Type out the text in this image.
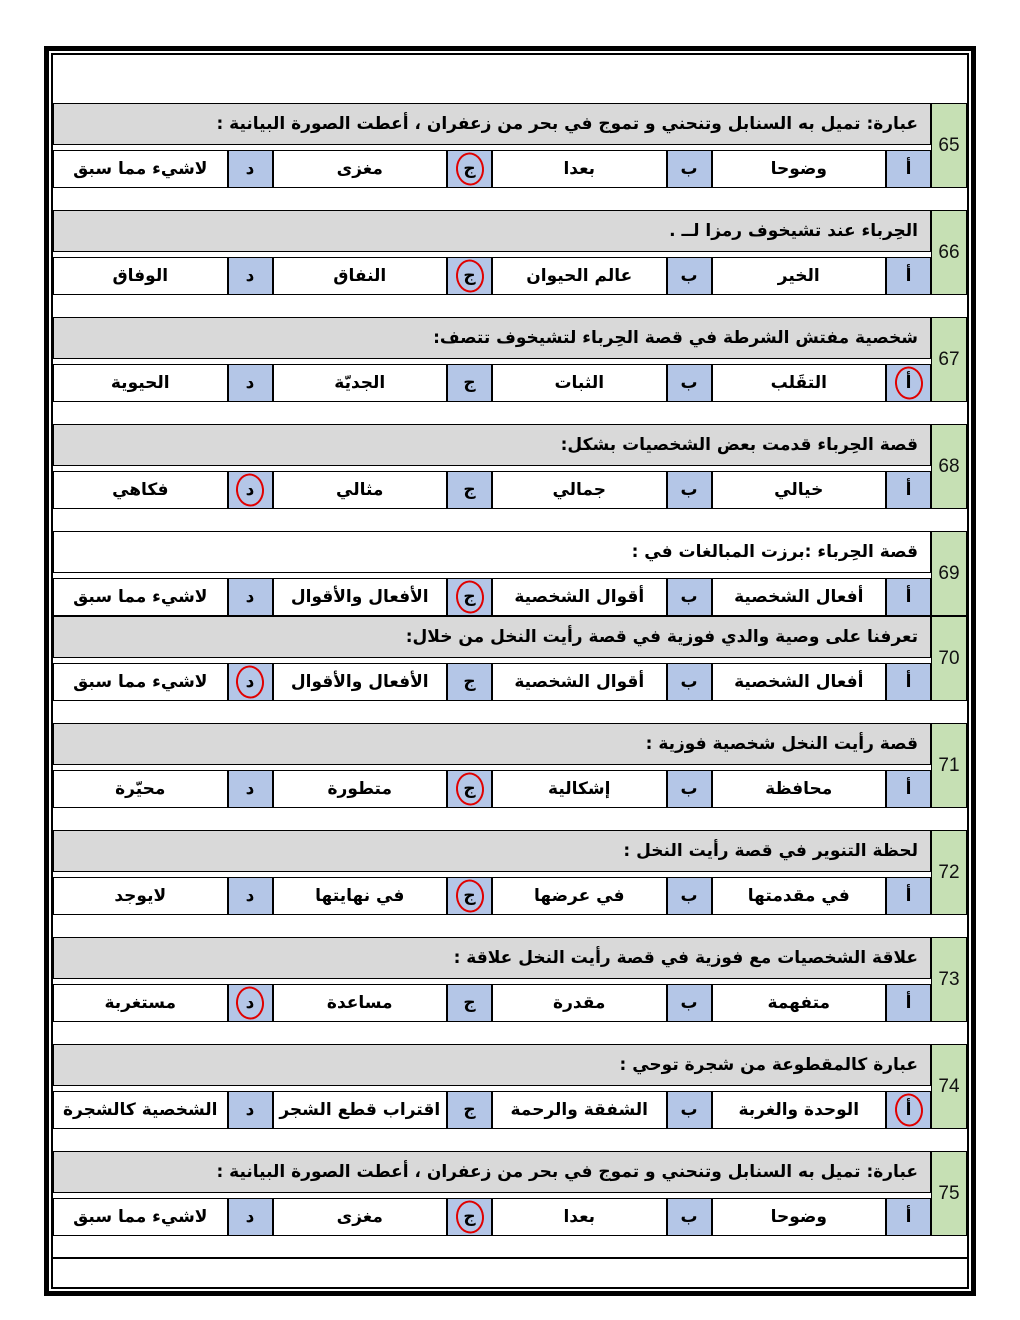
65
عبارة: تميل به السنابل وتنحني و تموج في بحر من زعفران ، أعطت الصورة البيانية :
أ
وضوحا
ب
بعدا
ج
مغزى
د
لاشيء مما سبق
66
الحِرباء عند تشيخوف رمزا لــ .
أ
الخير
ب
عالم الحيوان
ج
النفاق
د
الوفاق
67
شخصية مفتش الشرطة في قصة الحِرباء لتشيخوف تتصف:
أ
التقَلب
ب
الثبات
ج
الجديّة
د
الحيوية
68
قصة الحِرباء قدمت بعض الشخصيات بشكل:
أ
خيالي
ب
جمالي
ج
مثالي
د
فكاهي
69
قصة الحِرباء :برزت المبالغات في :
أ
أفعال الشخصية
ب
أقوال الشخصية
ج
الأفعال والأقوال
د
لاشيء مما سبق
70
تعرفنا على وصية والدي فوزية في قصة رأيت النخل من خلال:
أ
أفعال الشخصية
ب
أقوال الشخصية
ج
الأفعال والأقوال
د
لاشيء مما سبق
71
قصة رأيت النخل شخصية فوزية :
أ
محافظة
ب
إشكالية
ج
متطورة
د
محيّرة
72
لحظة التنوير في قصة رأيت النخل :
أ
في مقدمتها
ب
في عرضها
ج
في نهايتها
د
لايوجد
73
علاقة الشخصيات مع فوزية في قصة رأيت النخل علاقة :
أ
متفهمة
ب
مقدرة
ج
مساعدة
د
مستغربة
74
عبارة كالمقطوعة من شجرة توحي :
أ
الوحدة والغربة
ب
الشفقة والرحمة
ج
اقتراب قطع الشجر
د
الشخصية كالشجرة
75
عبارة: تميل به السنابل وتنحني و تموج في بحر من زعفران ، أعطت الصورة البيانية :
أ
وضوحا
ب
بعدا
ج
مغزى
د
لاشيء مما سبق
